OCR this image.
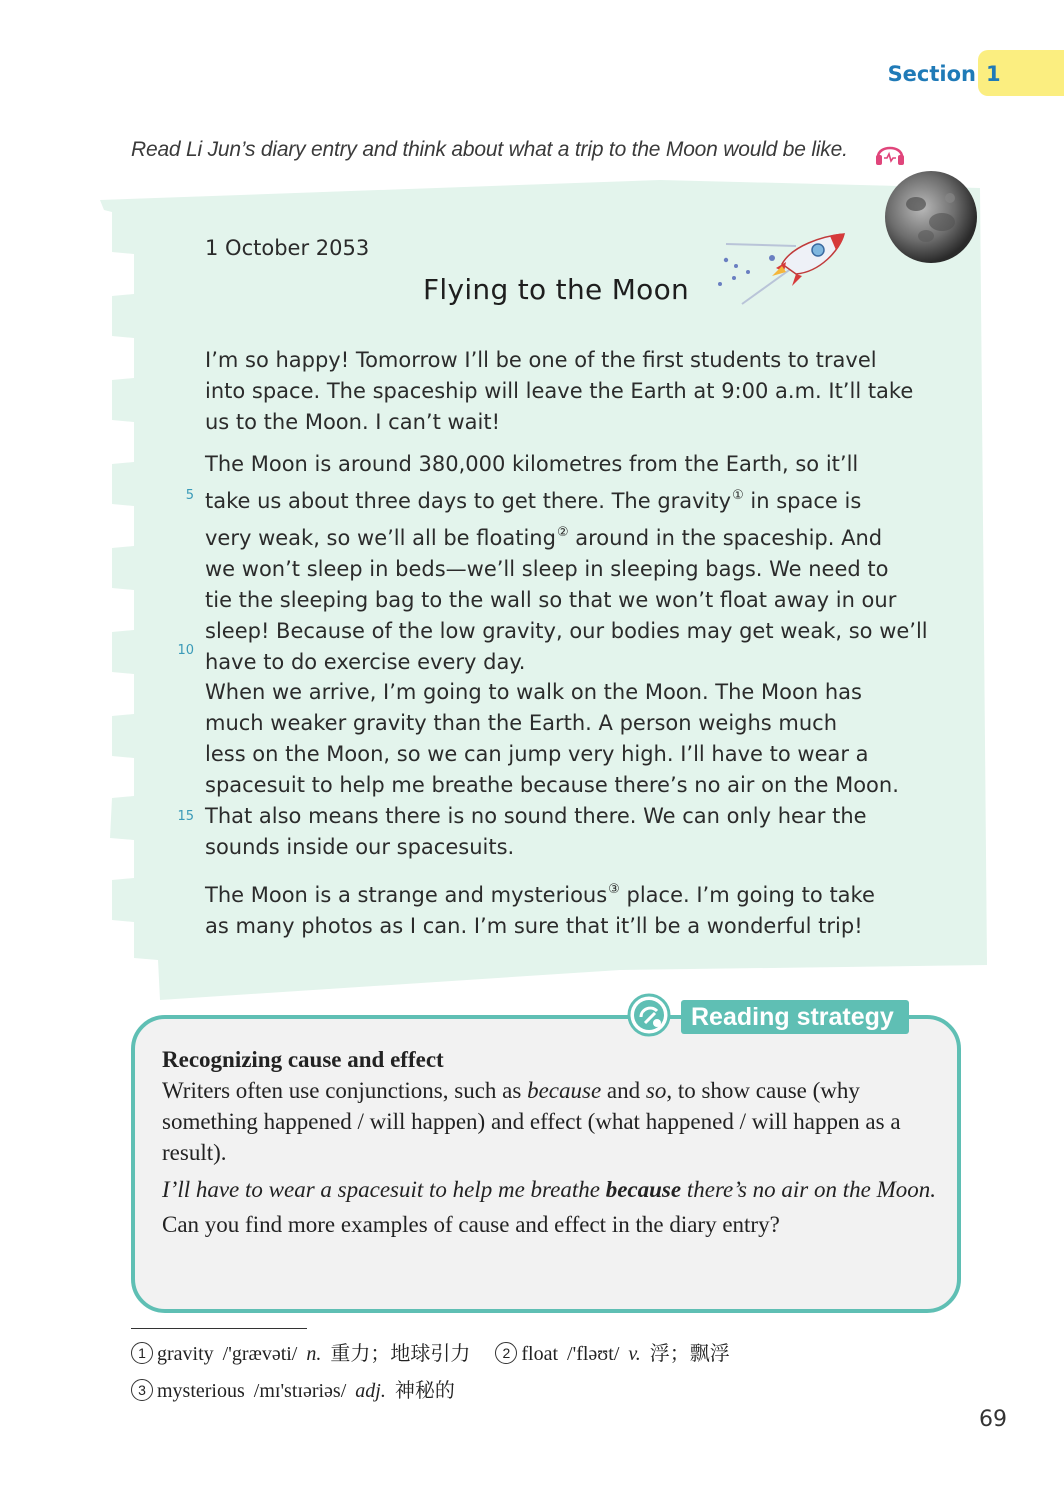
1
Section
Read Li Jun’s diary entry and think about what a trip to the Moon would be like.
1 October 2053
Flying to the Moon
I’m so happy! Tomorrow I’ll be one of the first students to travel
into space. The spaceship will leave the Earth at 9:00 a.m. It’ll take
us to the Moon. I can’t wait!
The Moon is around 380,000 kilometres from the Earth, so it’ll
take us about three days to get there. The gravity① in space is
very weak, so we’ll all be floating② around in the spaceship. And
we won’t sleep in beds—we’ll sleep in sleeping bags. We need to
tie the sleeping bag to the wall so that we won’t float away in our
sleep! Because of the low gravity, our bodies may get weak, so we’ll
have to do exercise every day.
5
10
When we arrive, I’m going to walk on the Moon. The Moon has
much weaker gravity than the Earth. A person weighs much
less on the Moon, so we can jump very high. I’ll have to wear a
spacesuit to help me breathe because there’s no air on the Moon.
That also means there is no sound there. We can only hear the
sounds inside our spacesuits.
15
The Moon is a strange and mysterious③ place. I’m going to take
as many photos as I can. I’m sure that it’ll be a wonderful trip!
Reading strategy
Recognizing cause and effect
Writers often use conjunctions, such as because and so, to show cause (why something happened / will happen) and effect (what happened / will happen as a result).
I’ll have to wear a spacesuit to help me breathe because there’s no air on the Moon.
Can you find more examples of cause and effect in the diary entry?
1 gravity /'grævəti/ n. 重力；地球引力 2 float /'fləʊt/ v. 浮；飘浮
3 mysterious /mɪ'stɪəriəs/ adj. 神秘的
69
